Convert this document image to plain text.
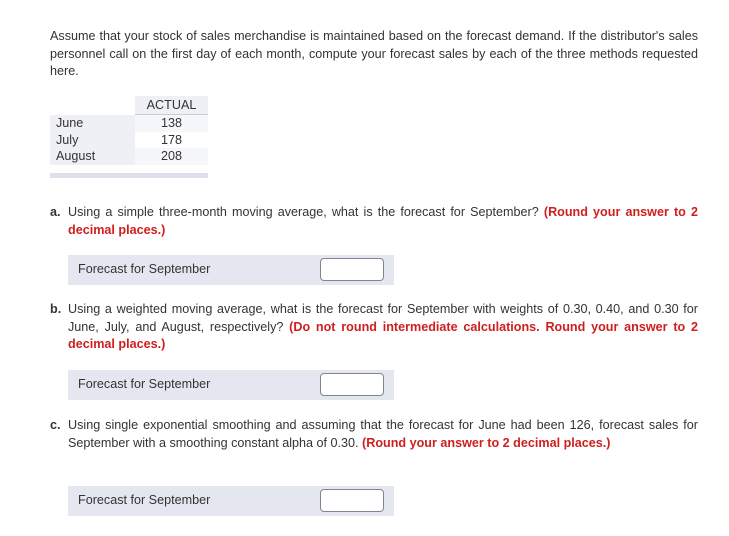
Assume that your stock of sales merchandise is maintained based on the forecast demand. If the distributor's sales personnel call on the first day of each month, compute your forecast sales by each of the three methods requested here.

	ACTUAL
June	138
July	178
August	208

a. Using a simple three-month moving average, what is the forecast for September? (Round your answer to 2 decimal places.)

Forecast for September

b. Using a weighted moving average, what is the forecast for September with weights of 0.30, 0.40, and 0.30 for June, July, and August, respectively? (Do not round intermediate calculations. Round your answer to 2 decimal places.)

Forecast for September

c. Using single exponential smoothing and assuming that the forecast for June had been 126, forecast sales for September with a smoothing constant alpha of 0.30. (Round your answer to 2 decimal places.)

Forecast for September
